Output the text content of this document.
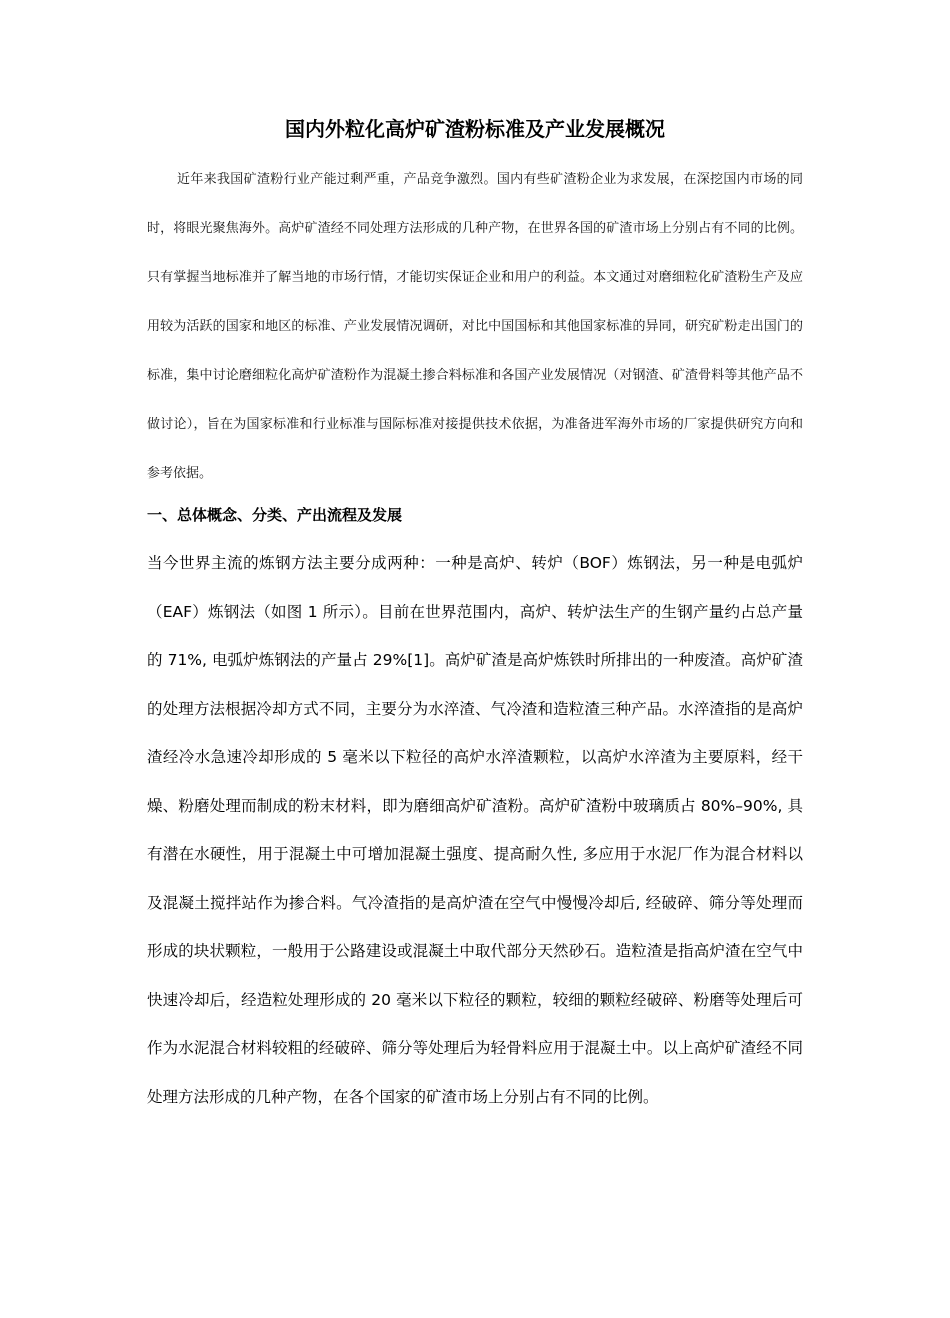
国内外粒化高炉矿渣粉标准及产业发展概况

近年来我国矿渣粉行业产能过剩严重，产品竞争激烈。国内有些矿渣粉企业为求发展，在深挖国内市场的同时，将眼光聚焦海外。高炉矿渣经不同处理方法形成的几种产物，在世界各国的矿渣市场上分别占有不同的比例。只有掌握当地标准并了解当地的市场行情，才能切实保证企业和用户的利益。本文通过对磨细粒化矿渣粉生产及应用较为活跃的国家和地区的标准、产业发展情况调研，对比中国国标和其他国家标准的异同，研究矿粉走出国门的标准，集中讨论磨细粒化高炉矿渣粉作为混凝土掺合料标准和各国产业发展情况（对钢渣、矿渣骨料等其他产品不做讨论），旨在为国家标准和行业标准与国际标准对接提供技术依据，为准备进军海外市场的厂家提供研究方向和参考依据。

一、总体概念、分类、产出流程及发展

当今世界主流的炼钢方法主要分成两种：一种是高炉、转炉（BOF）炼钢法，另一种是电弧炉（EAF）炼钢法（如图 1 所示）。目前在世界范围内，高炉、转炉法生产的生钢产量约占总产量的 71%, 电弧炉炼钢法的产量占 29%[1]。高炉矿渣是高炉炼铁时所排出的一种废渣。高炉矿渣的处理方法根据冷却方式不同，主要分为水淬渣、气冷渣和造粒渣三种产品。水淬渣指的是高炉渣经冷水急速冷却形成的 5 毫米以下粒径的高炉水淬渣颗粒，以高炉水淬渣为主要原料，经干燥、粉磨处理而制成的粉末材料，即为磨细高炉矿渣粉。高炉矿渣粉中玻璃质占 80%–90%, 具有潜在水硬性，用于混凝土中可增加混凝土强度、提高耐久性, 多应用于水泥厂作为混合材料以及混凝土搅拌站作为掺合料。气冷渣指的是高炉渣在空气中慢慢冷却后, 经破碎、筛分等处理而形成的块状颗粒，一般用于公路建设或混凝土中取代部分天然砂石。造粒渣是指高炉渣在空气中快速冷却后，经造粒处理形成的 20 毫米以下粒径的颗粒，较细的颗粒经破碎、粉磨等处理后可作为水泥混合材料较粗的经破碎、筛分等处理后为轻骨料应用于混凝土中。以上高炉矿渣经不同处理方法形成的几种产物，在各个国家的矿渣市场上分别占有不同的比例。
